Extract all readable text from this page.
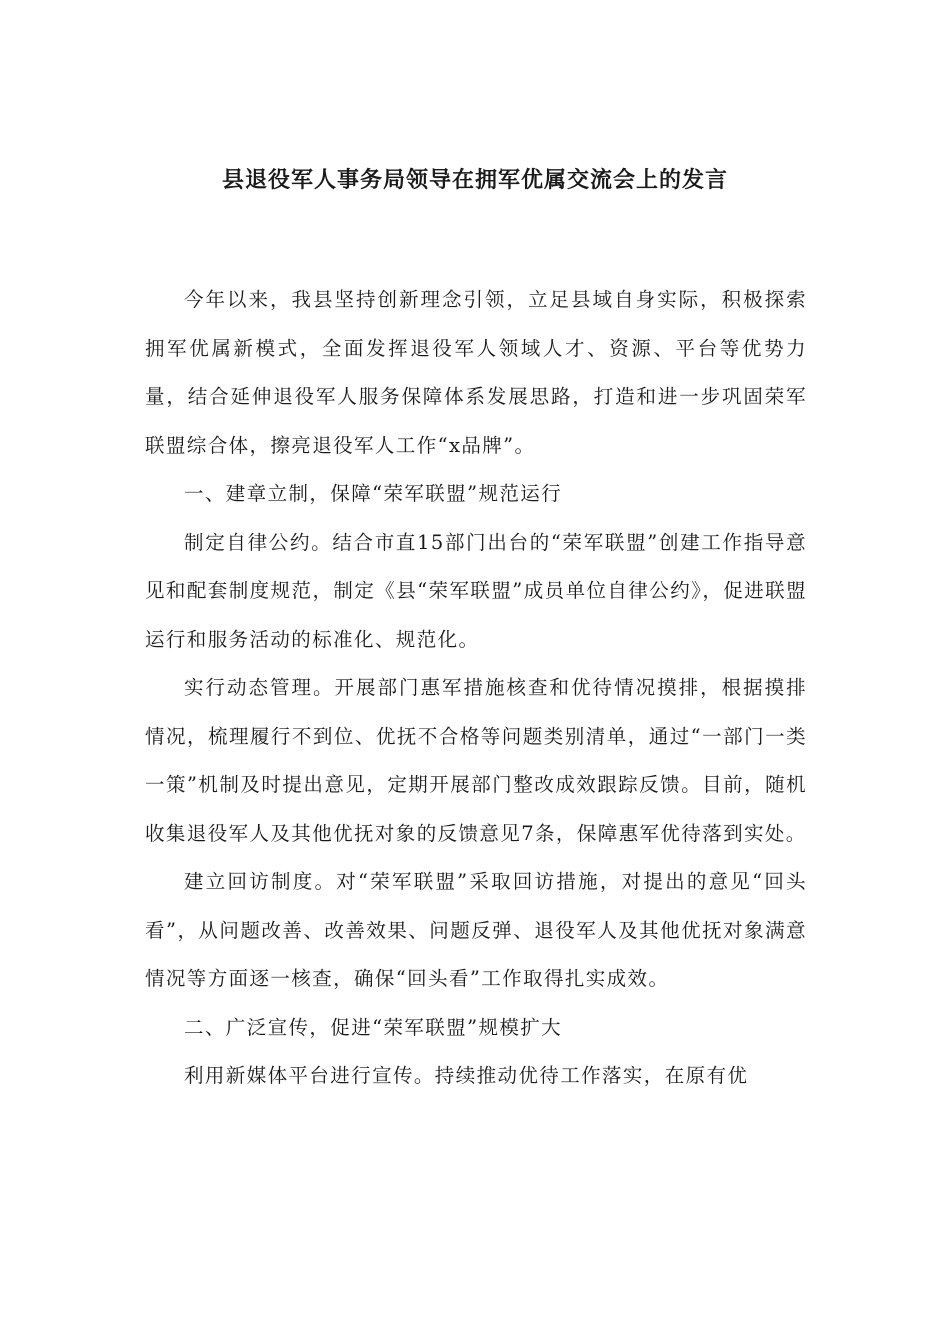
县退役军人事务局领导在拥军优属交流会上的发言

今年以来，我县坚持创新理念引领，立足县域自身实际，积极探索拥军优属新模式，全面发挥退役军人领域人才、资源、平台等优势力量，结合延伸退役军人服务保障体系发展思路，打造和进一步巩固荣军联盟综合体，擦亮退役军人工作“x品牌”。

一、建章立制，保障“荣军联盟”规范运行

制定自律公约。结合市直15部门出台的“荣军联盟”创建工作指导意见和配套制度规范，制定《县“荣军联盟”成员单位自律公约》，促进联盟运行和服务活动的标准化、规范化。

实行动态管理。开展部门惠军措施核查和优待情况摸排，根据摸排情况，梳理履行不到位、优抚不合格等问题类别清单，通过“一部门一类一策”机制及时提出意见，定期开展部门整改成效跟踪反馈。目前，随机收集退役军人及其他优抚对象的反馈意见7条，保障惠军优待落到实处。

建立回访制度。对“荣军联盟”采取回访措施，对提出的意见“回头看”，从问题改善、改善效果、问题反弹、退役军人及其他优抚对象满意情况等方面逐一核查，确保“回头看”工作取得扎实成效。

二、广泛宣传，促进“荣军联盟”规模扩大

利用新媒体平台进行宣传。持续推动优待工作落实，在原有优
